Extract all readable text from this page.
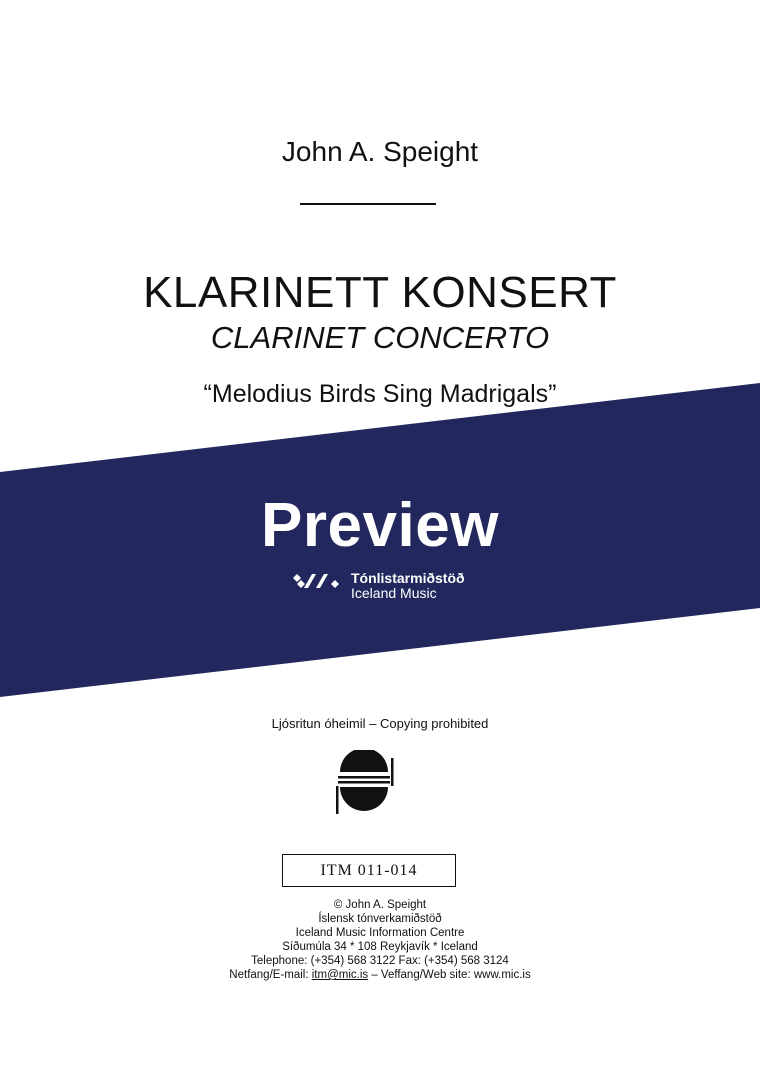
John A. Speight
KLARINETT KONSERT
CLARINET CONCERTO
“Melodius Birds Sing Madrigals”
Preview
Tónlistarmiðstöð
Iceland Music
Ljósritun óheimil – Copying prohibited
ITM 011-014
© John A. Speight
Íslensk tónverkamiðstöð
Iceland Music Information Centre
Síðumúla 34 * 108 Reykjavík * Iceland
Telephone: (+354) 568 3122 Fax: (+354) 568 3124
Netfang/E-mail: itm@mic.is – Veffang/Web site: www.mic.is
